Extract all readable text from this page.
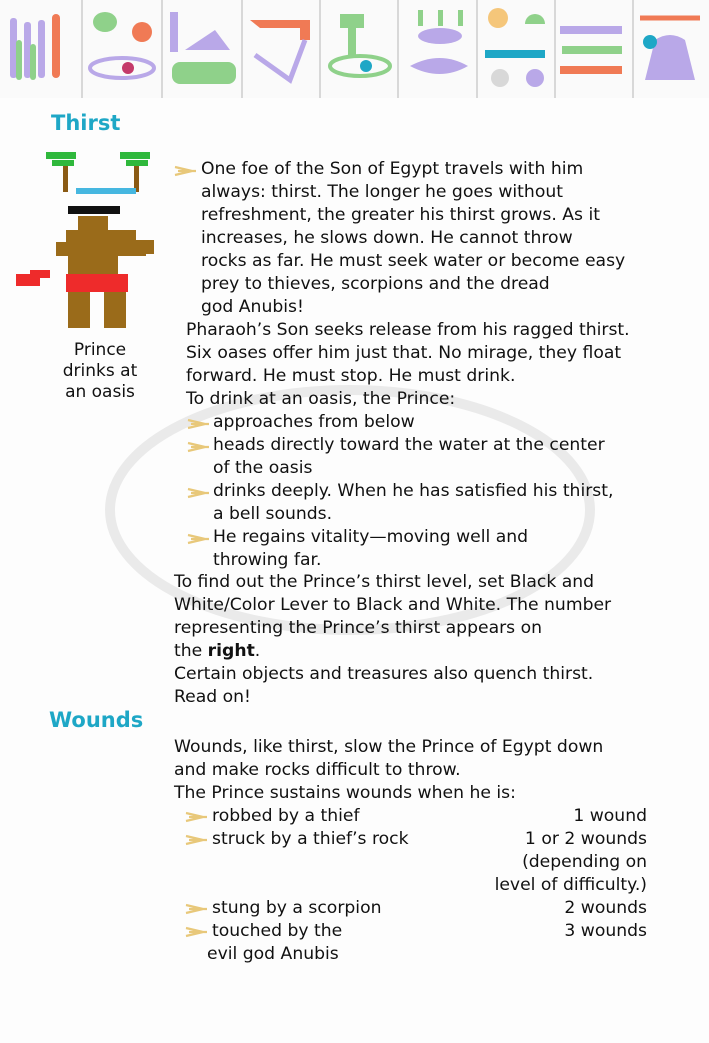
Thirst
Prince
drinks at
an oasis
One foe of the Son of Egypt travels with him
always: thirst. The longer he goes without
refreshment, the greater his thirst grows. As it
increases, he slows down. He cannot throw
rocks as far. He must seek water or become easy
prey to thieves, scorpions and the dread
god Anubis!
Pharaoh’s Son seeks release from his ragged thirst.
Six oases offer him just that. No mirage, they float
forward. He must stop. He must drink.
To drink at an oasis, the Prince:
approaches from below
heads directly toward the water at the center
of the oasis
drinks deeply. When he has satisfied his thirst,
a bell sounds.
He regains vitality—moving well and
throwing far.
To find out the Prince’s thirst level, set Black and
White/Color Lever to Black and White. The number
representing the Prince’s thirst appears on
the right.
Certain objects and treasures also quench thirst.
Read on!
Wounds
Wounds, like thirst, slow the Prince of Egypt down
and make rocks difficult to throw.
The Prince sustains wounds when he is:
robbed by a thief	1 wound
struck by a thief’s rock	1 or 2 wounds
(depending on
level of difficulty.)
stung by a scorpion	2 wounds
touched by the	3 wounds
evil god Anubis
